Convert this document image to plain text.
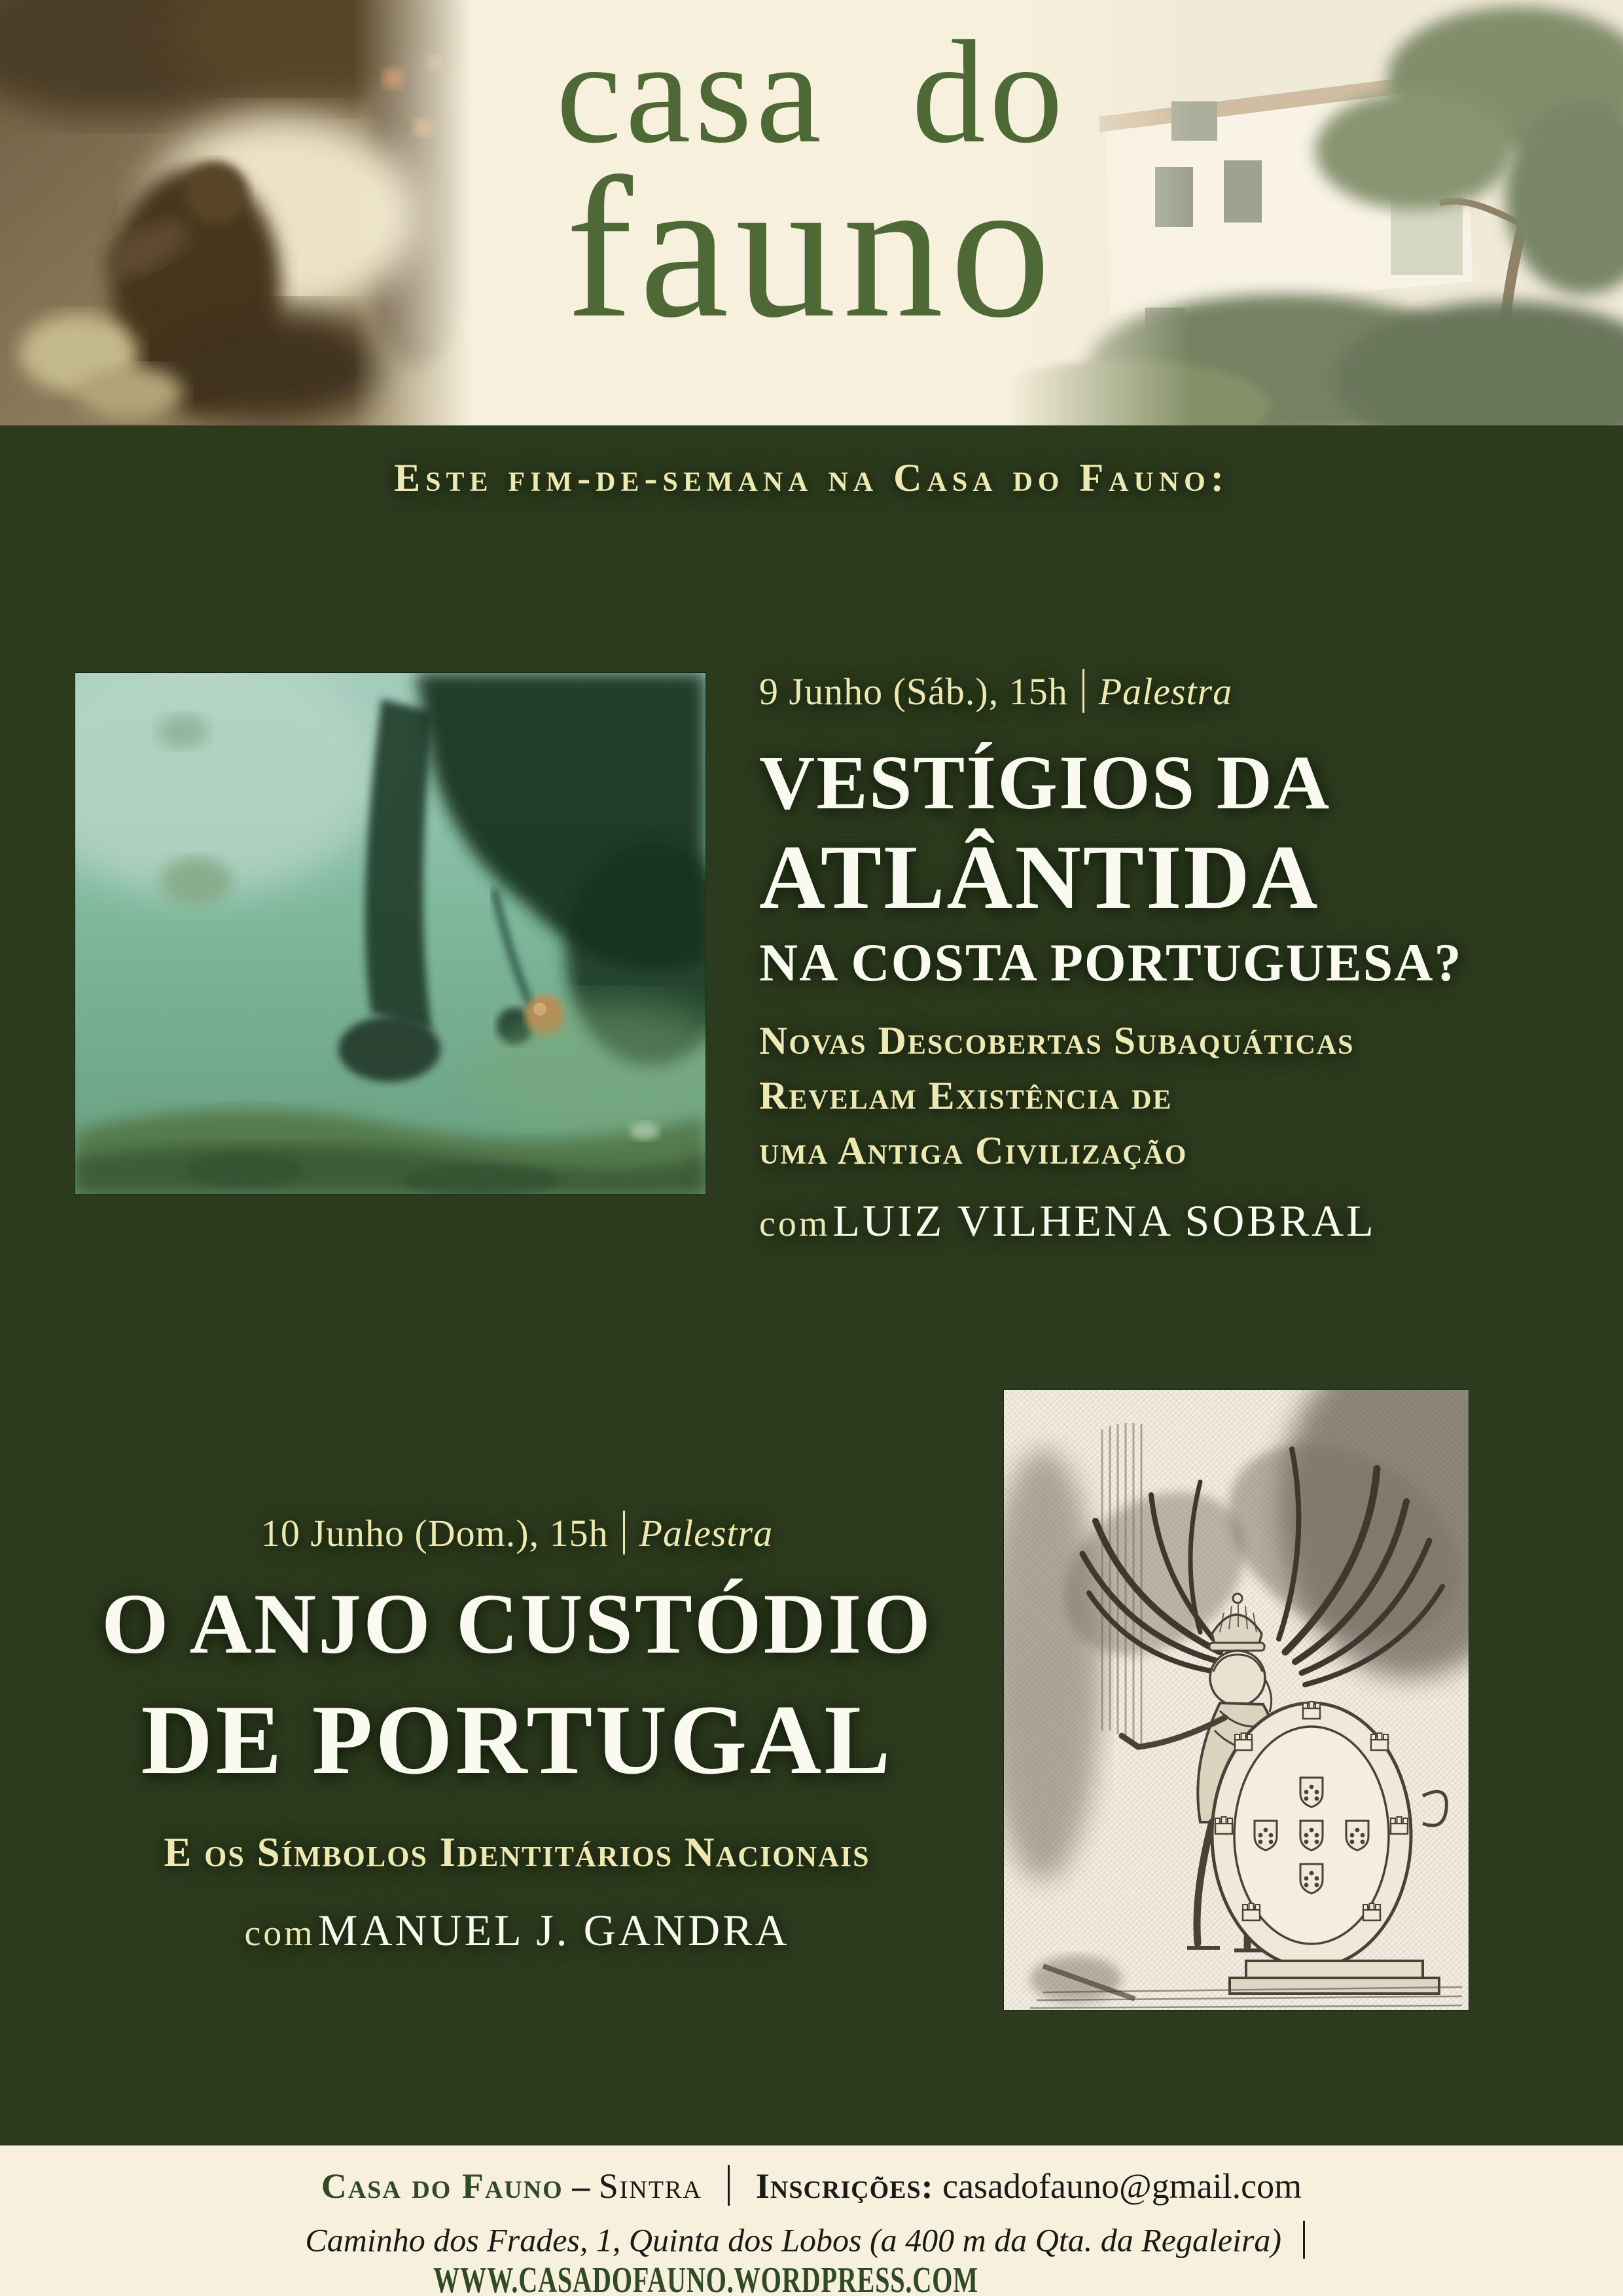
casa do
fauno
Este fim-de-semana na Casa do Fauno:
9 Junho (Sáb.), 15h Palestra
VESTÍGIOS DA
ATLÂNTIDA
NA COSTA PORTUGUESA?
Novas Descobertas Subaquáticas
Revelam Existência de
uma Antiga Civilização
com LUIZ VILHENA SOBRAL
10 Junho (Dom.), 15h Palestra
O ANJO CUSTÓDIO
DE PORTUGAL
E os Símbolos Identitários Nacionais
com MANUEL J. GANDRA
Casa do Fauno – Sintra Inscrições: casadofauno@gmail.com
Caminho dos Frades, 1, Quinta dos Lobos (a 400 m da Qta. da Regaleira)  WWW.CASADOFAUNO.WORDPRESS.COM
